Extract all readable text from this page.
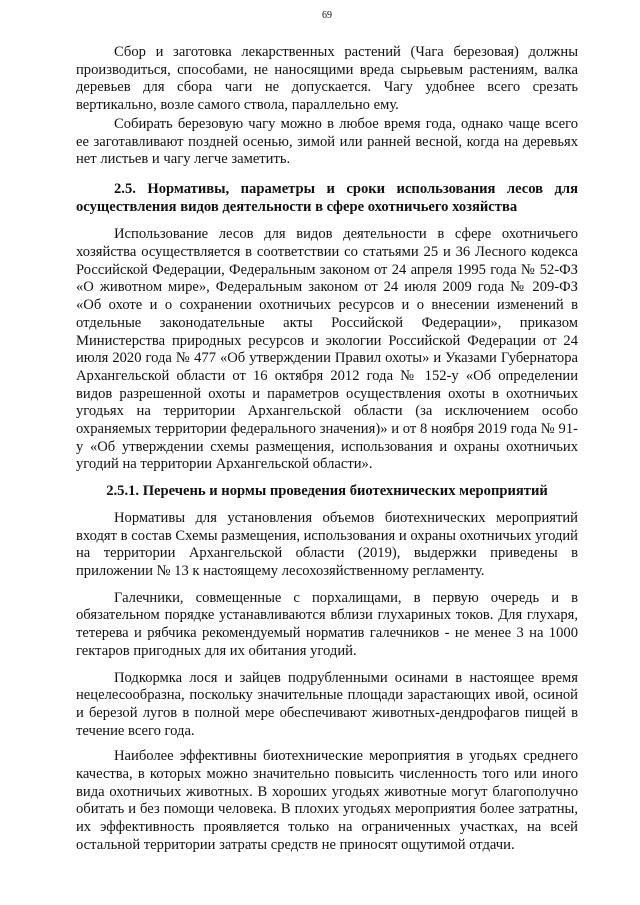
69

Сбор и заготовка лекарственных растений (Чага березовая) должны производиться, способами, не наносящими вреда сырьевым растениям, валка деревьев для сбора чаги не допускается. Чагу удобнее всего срезать вертикально, возле самого ствола, параллельно ему.

Собирать березовую чагу можно в любое время года, однако чаще всего ее заготавливают поздней осенью, зимой или ранней весной, когда на деревьях нет листьев и чагу легче заметить.

2.5. Нормативы, параметры и сроки использования лесов для осуществления видов деятельности в сфере охотничьего хозяйства

Использование лесов для видов деятельности в сфере охотничьего хозяйства осуществляется в соответствии со статьями 25 и 36 Лесного кодекса Российской Федерации, Федеральным законом от 24 апреля 1995 года № 52-ФЗ «О животном мире», Федеральным законом от 24 июля 2009 года № 209-ФЗ «Об охоте и о сохранении охотничьих ресурсов и о внесении изменений в отдельные законодательные акты Российской Федерации», приказом Министерства природных ресурсов и экологии Российской Федерации от 24 июля 2020 года № 477 «Об утверждении Правил охоты» и Указами Губернатора Архангельской области от 16 октября 2012 года № 152-у «Об определении видов разрешенной охоты и параметров осуществления охоты в охотничьих угодьях на территории Архангельской области (за исключением особо охраняемых территории федерального значения)» и от 8 ноября 2019 года № 91-у «Об утверждении схемы размещения, использования и охраны охотничьих угодий на территории Архангельской области».

2.5.1. Перечень и нормы проведения биотехнических мероприятий

Нормативы для установления объемов биотехнических мероприятий входят в состав Схемы размещения, использования и охраны охотничьих угодий на территории Архангельской области (2019), выдержки приведены в приложении № 13 к настоящему лесохозяйственному регламенту.

Галечники, совмещенные с порхалищами, в первую очередь и в обязательном порядке устанавливаются вблизи глухариных токов. Для глухаря, тетерева и рябчика рекомендуемый норматив галечников - не менее 3 на 1000 гектаров пригодных для их обитания угодий.

Подкормка лося и зайцев подрубленными осинами в настоящее время нецелесообразна, поскольку значительные площади зарастающих ивой, осиной и березой лугов в полной мере обеспечивают животных-дендрофагов пищей в течение всего года.

Наиболее эффективны биотехнические мероприятия в угодьях среднего качества, в которых можно значительно повысить численность того или иного вида охотничьих животных. В хороших угодьях животные могут благополучно обитать и без помощи человека. В плохих угодьях мероприятия более затратны, их эффективность проявляется только на ограниченных участках, на всей остальной территории затраты средств не приносят ощутимой отдачи.
